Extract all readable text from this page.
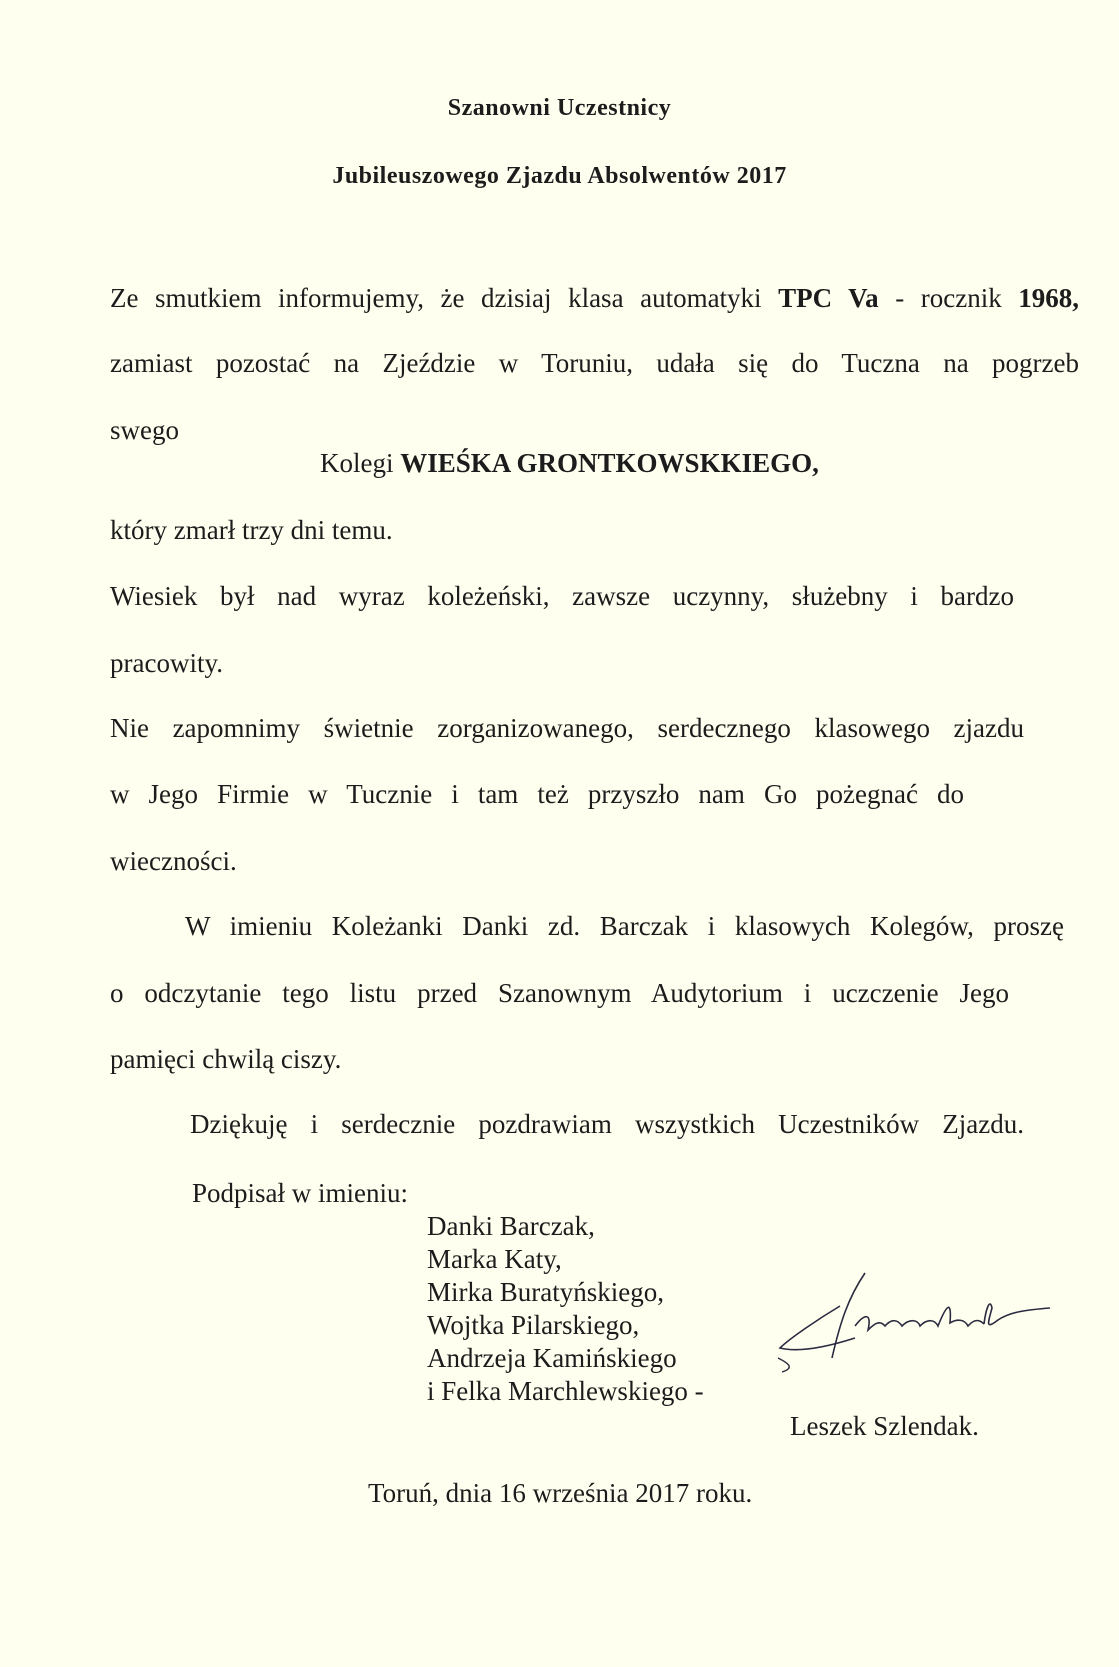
Szanowni Uczestnicy
Jubileuszowego Zjazdu Absolwentów 2017
Ze smutkiem informujemy, że dzisiaj klasa automatyki TPC Va - rocznik 1968,
zamiast pozostać na Zjeździe w Toruniu, udała się do Tuczna na pogrzeb
swego
Kolegi WIEŚKA GRONTKOWSKKIEGO,
który zmarł trzy dni temu.
Wiesiek był nad wyraz koleżeński, zawsze uczynny, służebny i bardzo
pracowity.
Nie zapomnimy świetnie zorganizowanego, serdecznego klasowego zjazdu
w Jego Firmie w Tucznie i tam też przyszło nam Go pożegnać do
wieczności.
W imieniu Koleżanki Danki zd. Barczak i klasowych Kolegów, proszę
o odczytanie tego listu przed Szanownym Audytorium i uczczenie Jego
pamięci chwilą ciszy.
Dziękuję i serdecznie pozdrawiam wszystkich Uczestników Zjazdu.
Podpisał w imieniu:
Danki Barczak,
Marka Katy,
Mirka Buratyńskiego,
Wojtka Pilarskiego,
Andrzeja Kamińskiego
i Felka Marchlewskiego -
Leszek Szlendak.
Toruń, dnia 16 września 2017 roku.
